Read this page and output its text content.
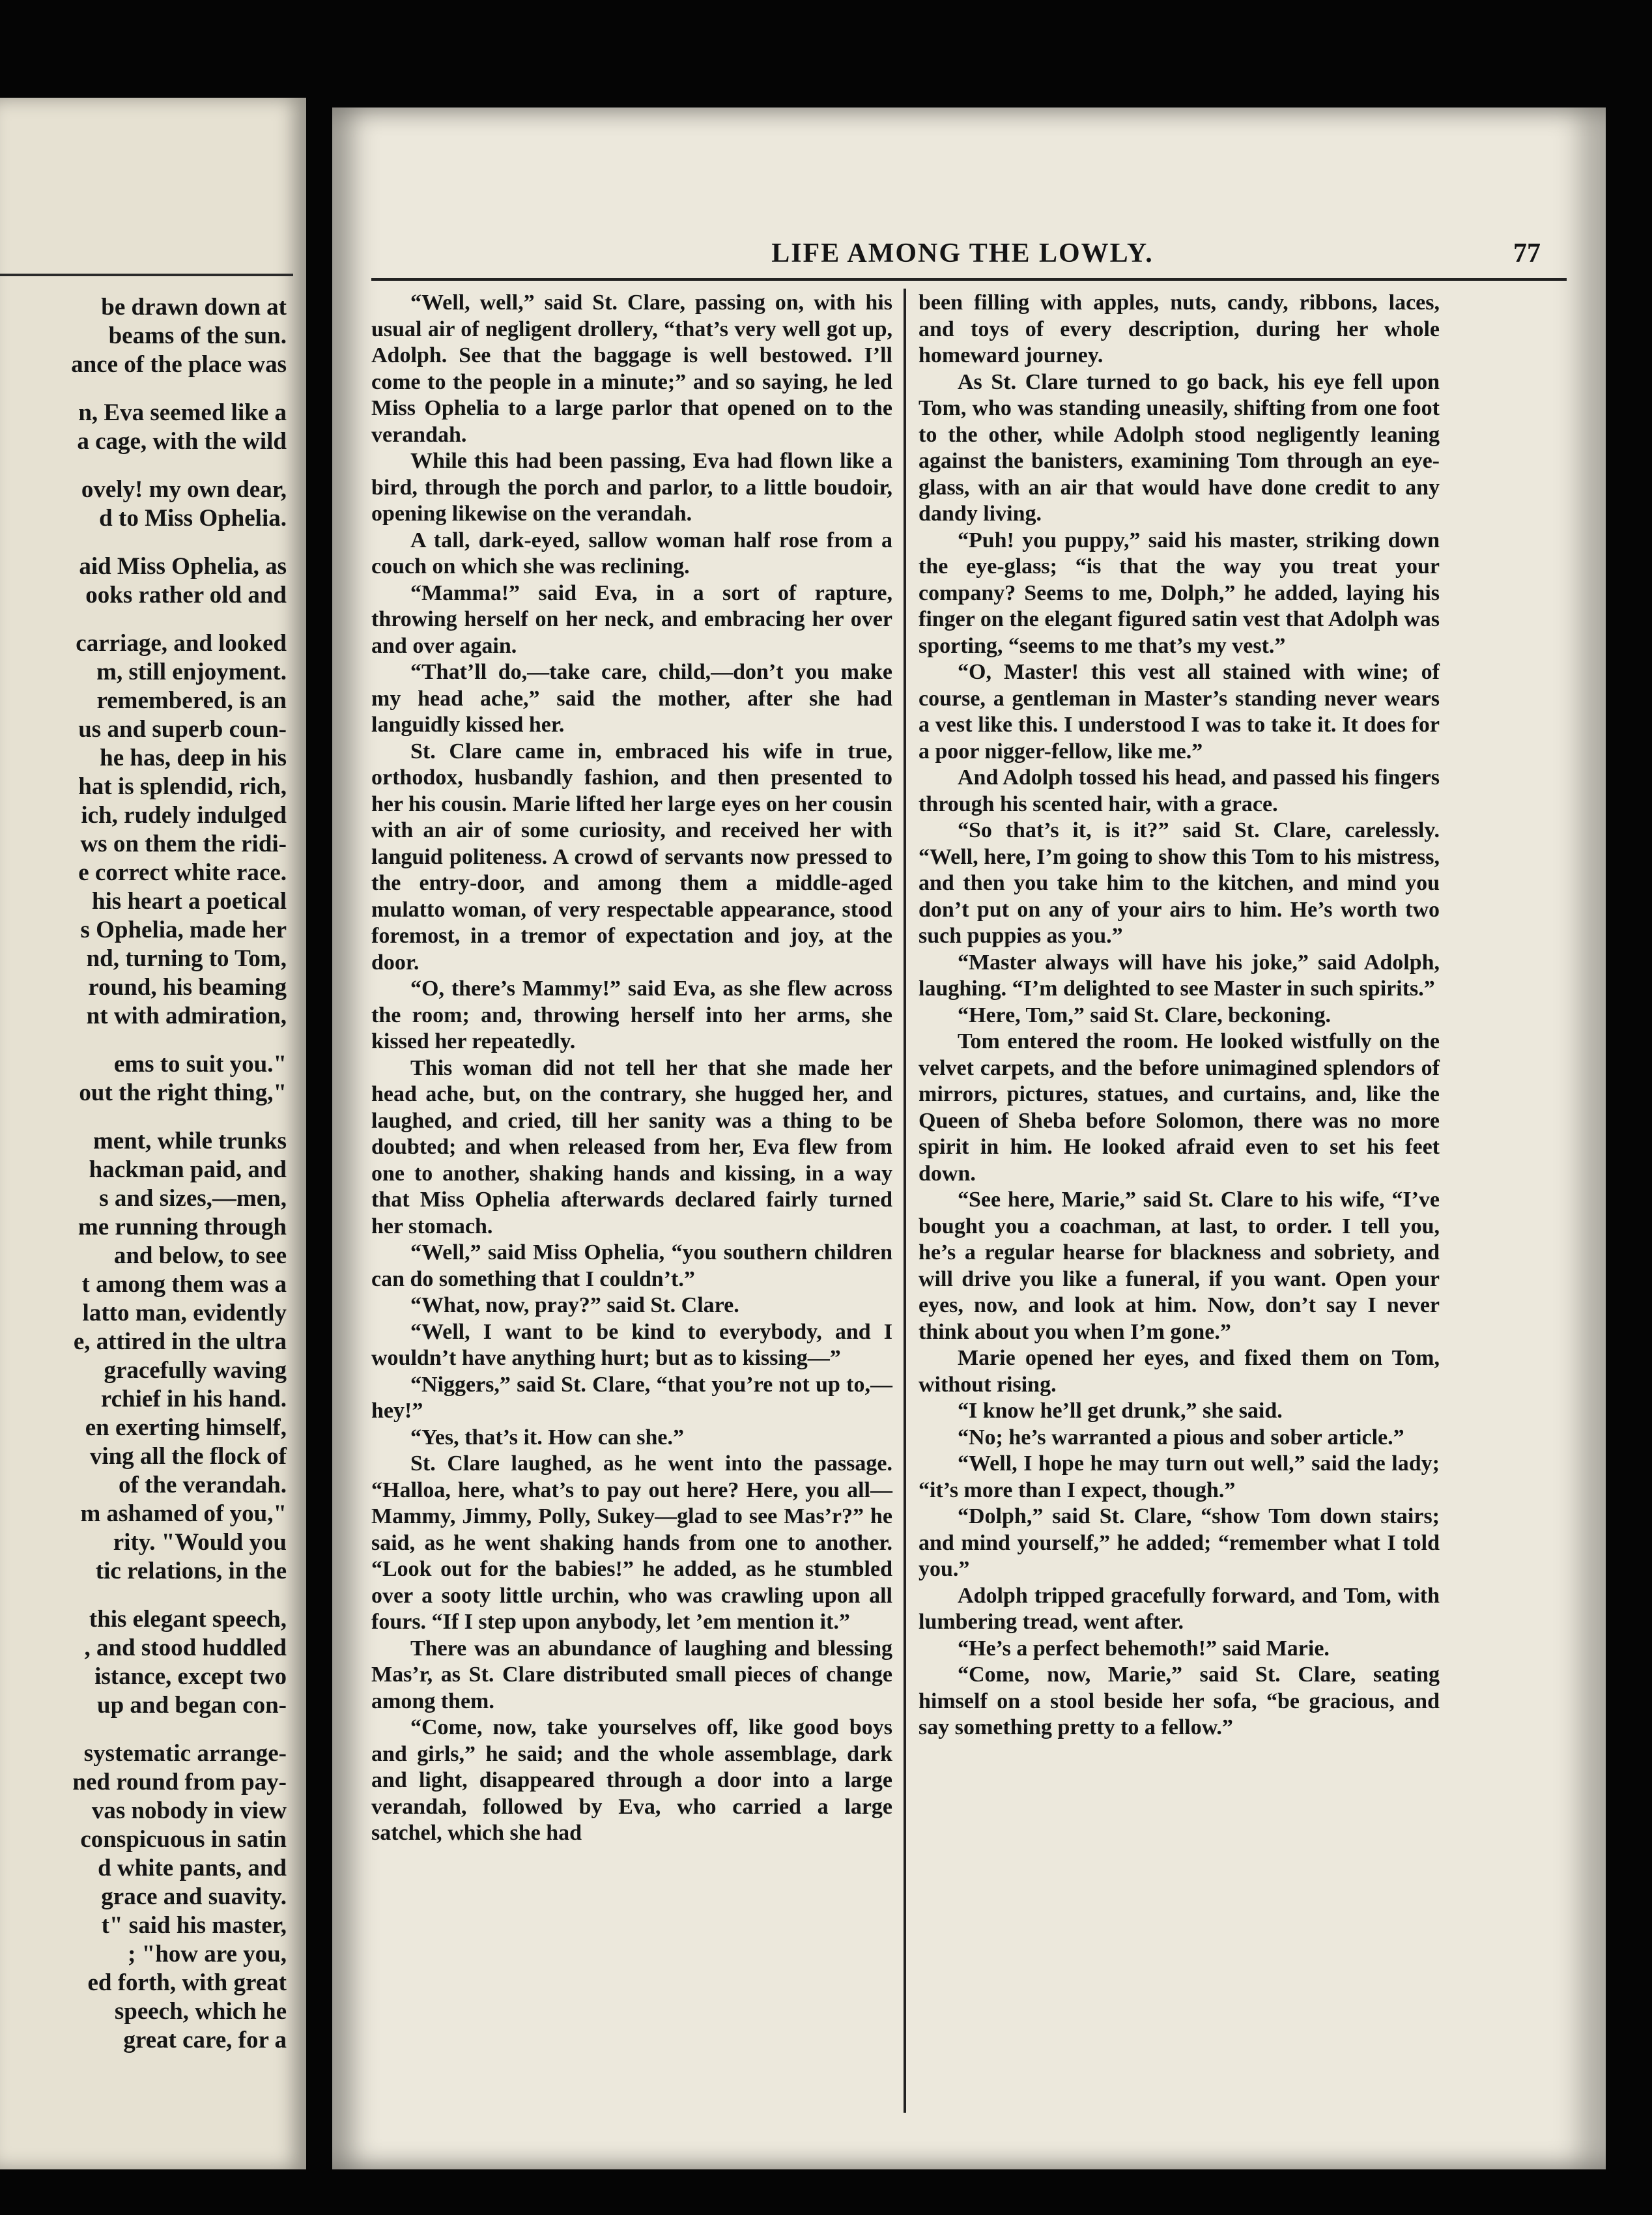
be drawn down at

beams of the sun.

ance of the place was

n, Eva seemed like a

a cage, with the wild

ovely! my own dear,

d to Miss Ophelia.

aid Miss Ophelia, as

ooks rather old and

carriage, and looked

m, still enjoyment.

remembered, is an

us and superb coun-

he has, deep in his

hat is splendid, rich,

ich, rudely indulged

ws on them the ridi-

e correct white race.

his heart a poetical

s Ophelia, made her

nd, turning to Tom,

round, his beaming

nt with admiration,

ems to suit you."

out the right thing,"

ment, while trunks

hackman paid, and

s and sizes,—men,

me running through

and below, to see

t among them was a

latto man, evidently

e, attired in the ultra

gracefully waving

rchief in his hand.

en exerting himself,

ving all the flock of

of the verandah.

m ashamed of you,"

rity. "Would you

tic relations, in the

this elegant speech,

, and stood huddled

istance, except two

up and began con-

systematic arrange-

ned round from pay-

vas nobody in view

conspicuous in satin

d white pants, and

grace and suavity.

t" said his master,

; "how are you,

ed forth, with great

speech, which he

great care, for a

LIFE AMONG THE LOWLY.	77

“Well, well,” said St. Clare, passing on, with his usual air of negligent drollery, “that’s very well got up, Adolph. See that the baggage is well bestowed. I’ll come to the people in a minute;” and so saying, he led Miss Ophelia to a large parlor that opened on to the verandah.

While this had been passing, Eva had flown like a bird, through the porch and parlor, to a little boudoir, opening likewise on the verandah.

A tall, dark-eyed, sallow woman half rose from a couch on which she was reclining.

“Mamma!” said Eva, in a sort of rapture, throwing herself on her neck, and embracing her over and over again.

“That’ll do,—take care, child,—don’t you make my head ache,” said the mother, after she had languidly kissed her.

St. Clare came in, embraced his wife in true, orthodox, husbandly fashion, and then presented to her his cousin. Marie lifted her large eyes on her cousin with an air of some curiosity, and received her with languid politeness. A crowd of servants now pressed to the entry-door, and among them a middle-aged mulatto woman, of very respectable appearance, stood foremost, in a tremor of expectation and joy, at the door.

“O, there’s Mammy!” said Eva, as she flew across the room; and, throwing herself into her arms, she kissed her repeatedly.

This woman did not tell her that she made her head ache, but, on the contrary, she hugged her, and laughed, and cried, till her sanity was a thing to be doubted; and when released from her, Eva flew from one to another, shaking hands and kissing, in a way that Miss Ophelia afterwards declared fairly turned her stomach.

“Well,” said Miss Ophelia, “you southern children can do something that I couldn’t.”

“What, now, pray?” said St. Clare.

“Well, I want to be kind to everybody, and I wouldn’t have anything hurt; but as to kissing—”

“Niggers,” said St. Clare, “that you’re not up to,—hey!”

“Yes, that’s it. How can she.”

St. Clare laughed, as he went into the passage. “Halloa, here, what’s to pay out here? Here, you all—Mammy, Jimmy, Polly, Sukey—glad to see Mas’r?” he said, as he went shaking hands from one to another. “Look out for the babies!” he added, as he stumbled over a sooty little urchin, who was crawling upon all fours. “If I step upon anybody, let ’em mention it.”

There was an abundance of laughing and blessing Mas’r, as St. Clare distributed small pieces of change among them.

“Come, now, take yourselves off, like good boys and girls,” he said; and the whole assemblage, dark and light, disappeared through a door into a large verandah, followed by Eva, who carried a large satchel, which she had

been filling with apples, nuts, candy, ribbons, laces, and toys of every description, during her whole homeward journey.

As St. Clare turned to go back, his eye fell upon Tom, who was standing uneasily, shifting from one foot to the other, while Adolph stood negligently leaning against the banisters, examining Tom through an eye-glass, with an air that would have done credit to any dandy living.

“Puh! you puppy,” said his master, striking down the eye-glass; “is that the way you treat your company? Seems to me, Dolph,” he added, laying his finger on the elegant figured satin vest that Adolph was sporting, “seems to me that’s my vest.”

“O, Master! this vest all stained with wine; of course, a gentleman in Master’s standing never wears a vest like this. I understood I was to take it. It does for a poor nigger-fellow, like me.”

And Adolph tossed his head, and passed his fingers through his scented hair, with a grace.

“So that’s it, is it?” said St. Clare, carelessly. “Well, here, I’m going to show this Tom to his mistress, and then you take him to the kitchen, and mind you don’t put on any of your airs to him. He’s worth two such puppies as you.”

“Master always will have his joke,” said Adolph, laughing. “I’m delighted to see Master in such spirits.”

“Here, Tom,” said St. Clare, beckoning.

Tom entered the room. He looked wistfully on the velvet carpets, and the before unimagined splendors of mirrors, pictures, statues, and curtains, and, like the Queen of Sheba before Solomon, there was no more spirit in him. He looked afraid even to set his feet down.

“See here, Marie,” said St. Clare to his wife, “I’ve bought you a coachman, at last, to order. I tell you, he’s a regular hearse for blackness and sobriety, and will drive you like a funeral, if you want. Open your eyes, now, and look at him. Now, don’t say I never think about you when I’m gone.”

Marie opened her eyes, and fixed them on Tom, without rising.

“I know he’ll get drunk,” she said.

“No; he’s warranted a pious and sober article.”

“Well, I hope he may turn out well,” said the lady; “it’s more than I expect, though.”

“Dolph,” said St. Clare, “show Tom down stairs; and mind yourself,” he added; “remember what I told you.”

Adolph tripped gracefully forward, and Tom, with lumbering tread, went after.

“He’s a perfect behemoth!” said Marie.

“Come, now, Marie,” said St. Clare, seating himself on a stool beside her sofa, “be gracious, and say something pretty to a fellow.”
